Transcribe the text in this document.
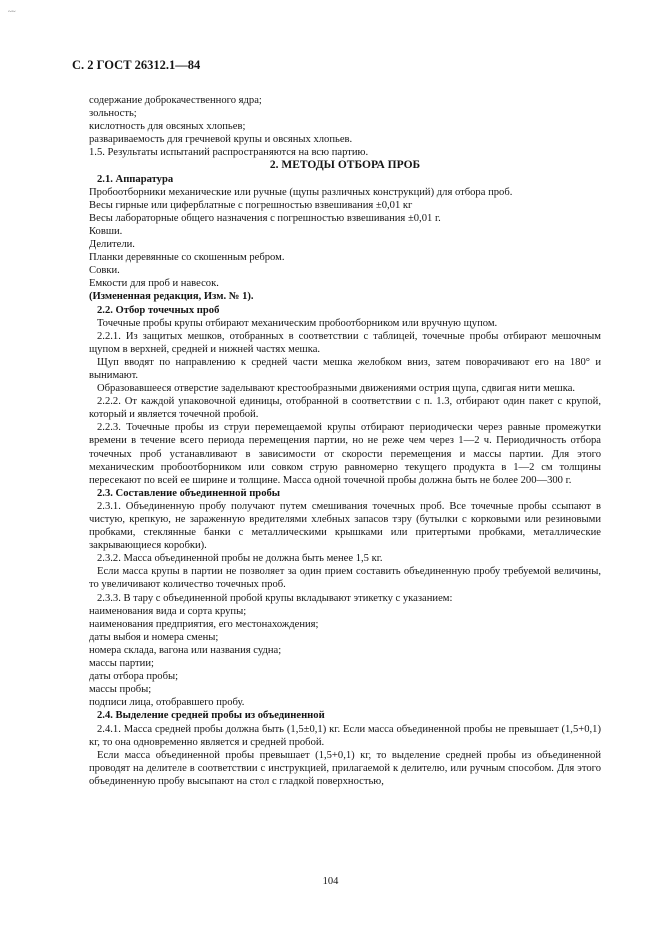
~~
С. 2 ГОСТ 26312.1—84

содержание доброкачественного ядра;

зольность;

кислотность для овсяных хлопьев;

развариваемость для гречневой крупы и овсяных хлопьев.

1.5. Результаты испытаний распространяются на всю партию.

2. МЕТОДЫ ОТБОРА ПРОБ

2.1. Аппаратура

Пробоотборники механические или ручные (щупы различных конструкций) для отбора проб.

Весы гирные или циферблатные с погрешностью взвешивания ±0,01 кг

Весы лабораторные общего назначения с погрешностью взвешивания ±0,01 г.

Ковши.

Делители.

Планки деревянные со скошенным ребром.

Совки.

Емкости для проб и навесок.

(Измененная редакция, Изм. № 1).

2.2. Отбор точечных проб

Точечные пробы крупы отбирают механическим пробоотборником или вручную щупом.

2.2.1. Из защитых мешков, отобранных в соответствии с таблицей, точечные пробы отбирают мешочным щупом в верхней, средней и нижней частях мешка.

Щуп вводят по направлению к средней части мешка желобком вниз, затем поворачивают его на 180° и вынимают.

Образовавшееся отверстие заделывают крестообразными движениями острия щупа, сдвигая нити мешка.

2.2.2. От каждой упаковочной единицы, отобранной в соответствии с п. 1.3, отбирают один пакет с крупой, который и является точечной пробой.

2.2.3. Точечные пробы из струи перемещаемой крупы отбирают периодически через равные промежутки времени в течение всего периода перемещения партии, но не реже чем через 1—2 ч. Периодичность отбора точечных проб устанавливают в зависимости от скорости перемещения и массы партии. Для этого механическим пробоотборником или совком струю равномерно текущего продукта в 1—2 см толщины пересекают по всей ее ширине и толщине. Масса одной точечной пробы должна быть не более 200—300 г.

2.3. Составление объединенной пробы

2.3.1. Объединенную пробу получают путем смешивания точечных проб. Все точечные пробы ссыпают в чистую, крепкую, не зараженную вредителями хлебных запасов тзру (бутылки с корковыми или резиновыми пробками, стеклянные банки с металлическими крышками или притертыми пробками, металлические закрывающиеся коробки).

2.3.2. Масса объединенной пробы не должна быть менее 1,5 кг.

Если масса крупы в партии не позволяет за один прием составить объединенную пробу требуемой величины, то увеличивают количество точечных проб.

2.3.3. В тару с объединенной пробой крупы вкладывают этикетку с указанием:

наименования вида и сорта крупы;

наименования предприятия, его местонахождения;

даты выбоя и номера смены;

номера склада, вагона или названия судна;

массы партии;

даты отбора пробы;

массы пробы;

подписи лица, отобравшего пробу.

2.4. Выделение средней пробы из объединенной

2.4.1. Масса средней пробы должна быть (1,5±0,1) кг. Если масса объединенной пробы не превышает (1,5+0,1) кг, то она одновременно является и средней пробой.

Если масса объединенной пробы превышает (1,5+0,1) кг, то выделение средней пробы из объединенной проводят на делителе в соответствии с инструкцией, прилагаемой к делителю, или ручным способом. Для этого объединенную пробу высыпают на стол с гладкой поверхностью,

104
